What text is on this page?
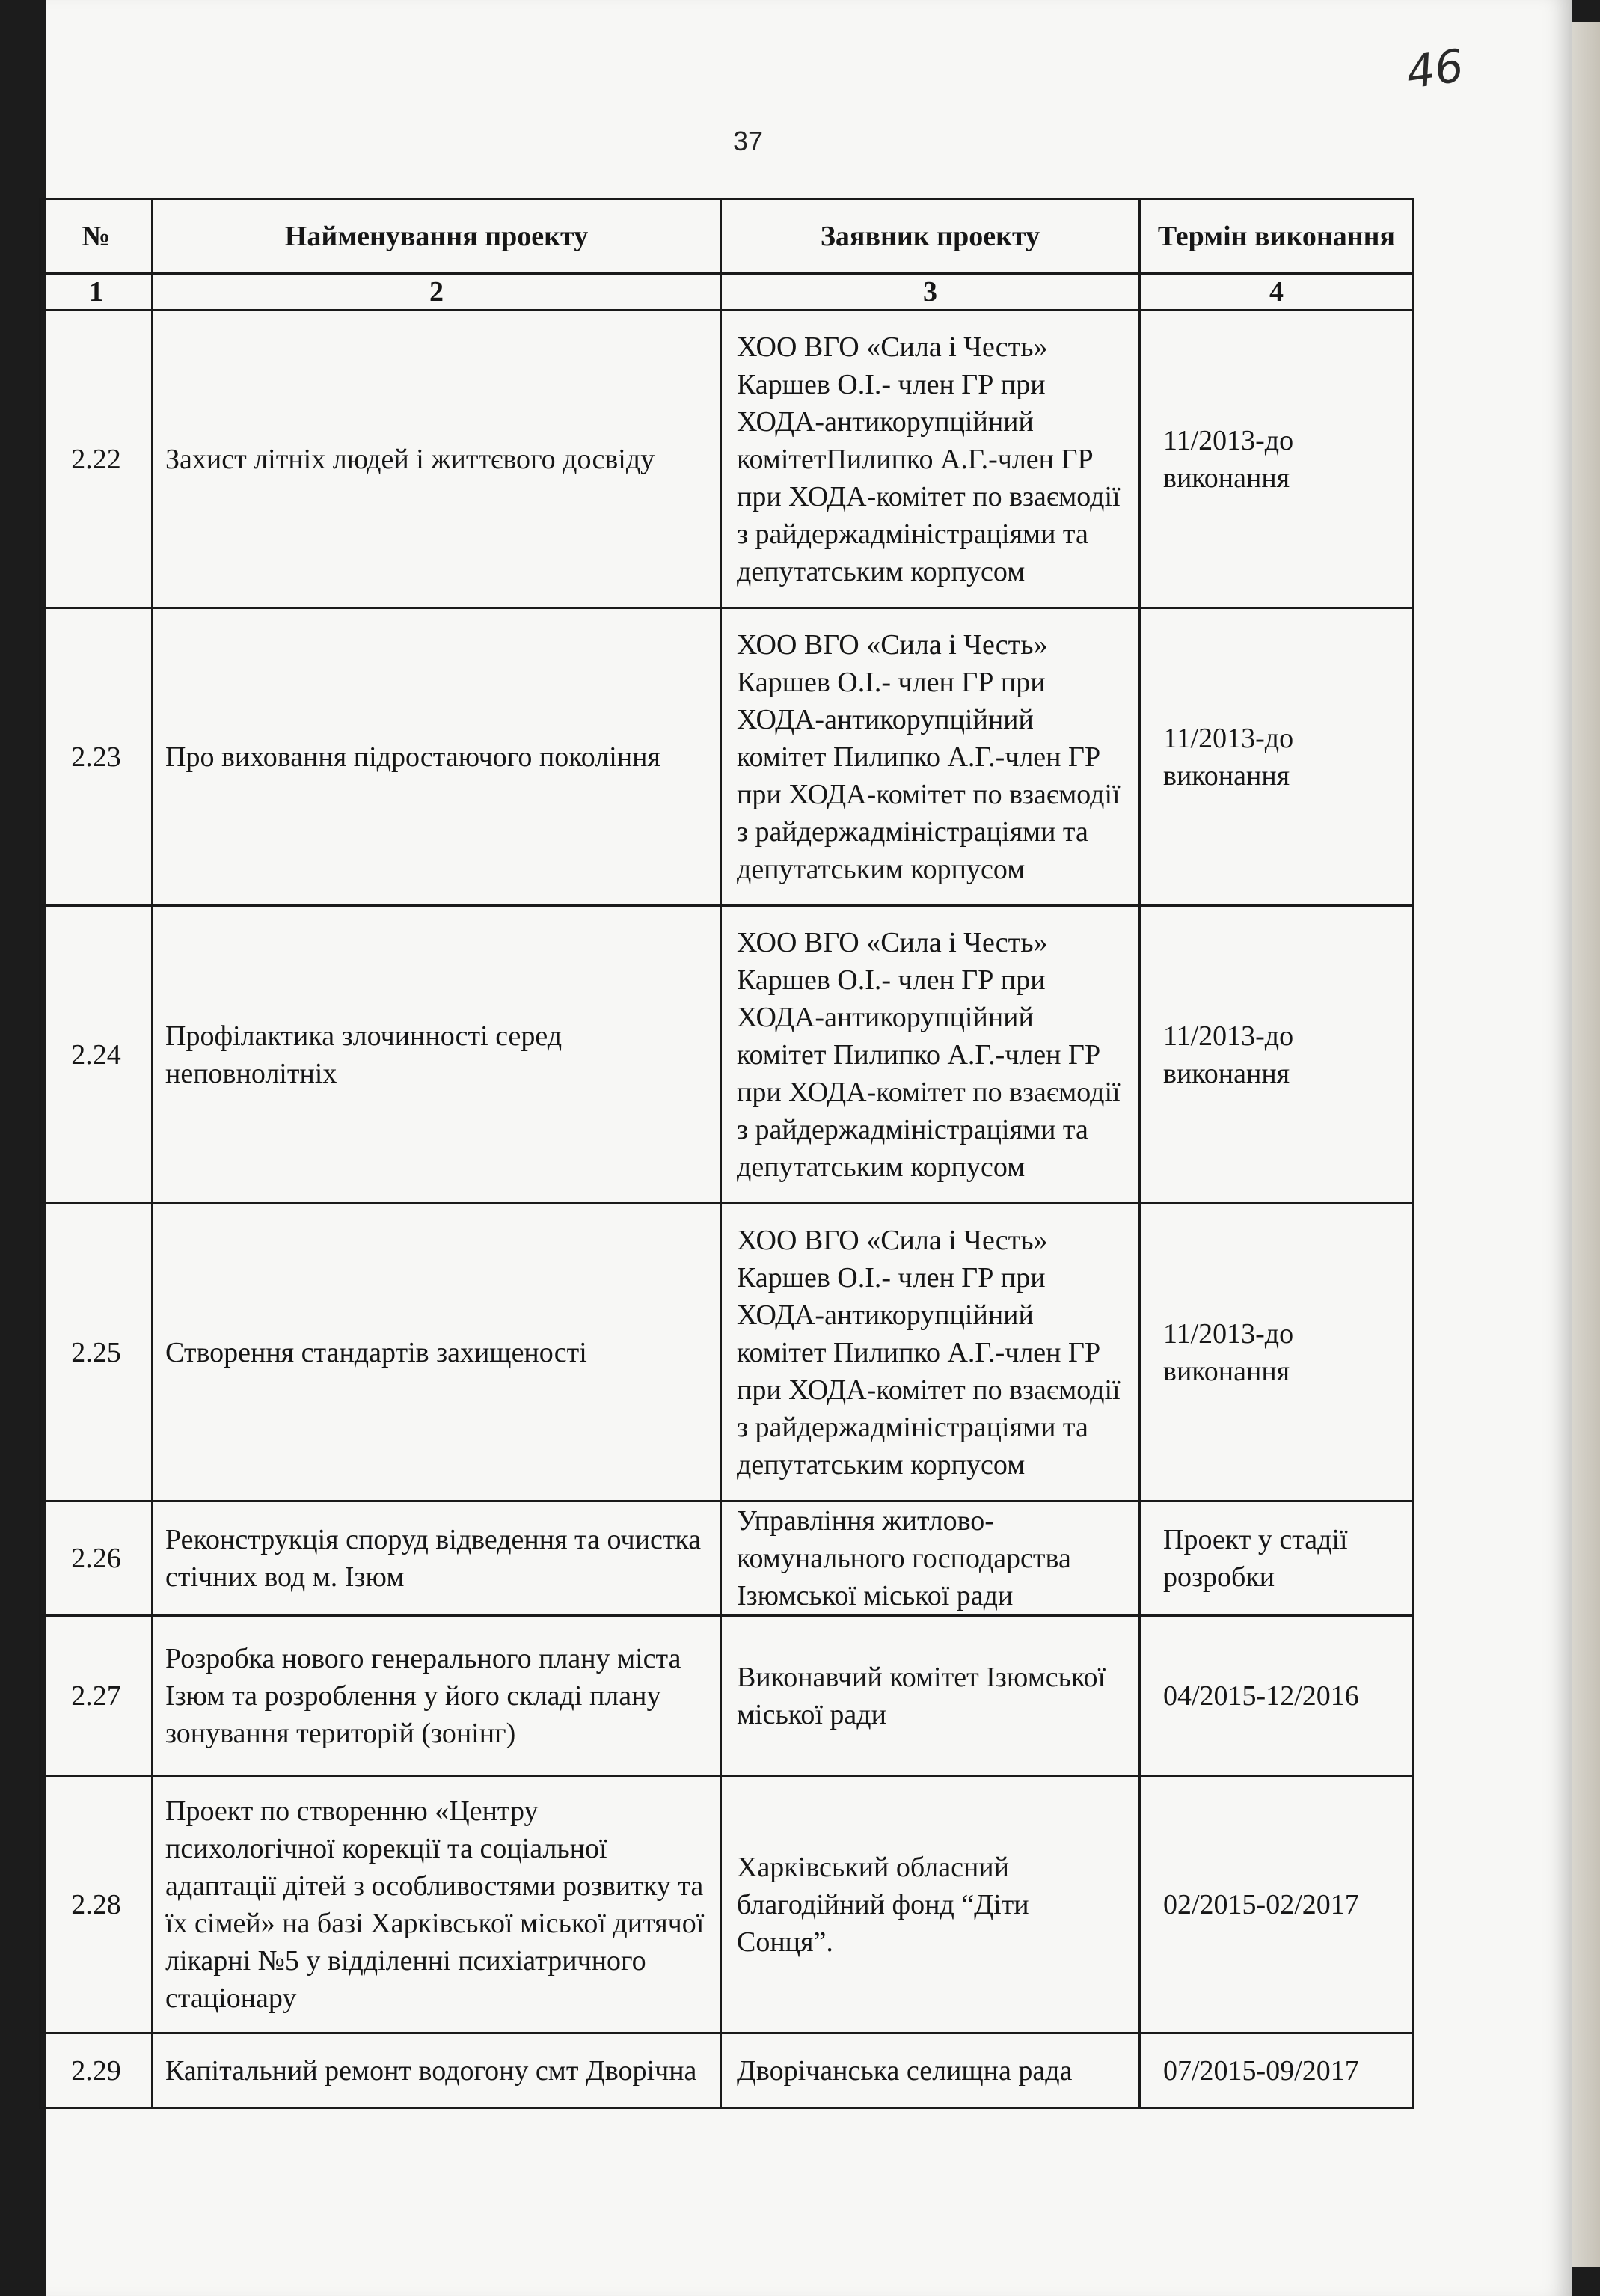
46
37
№	Найменування проекту	Заявник проекту	Термін виконання
1	2	3	4
2.22	Захист літніх людей і життєвого досвіду	ХОО ВГО «Сила і Честь» Каршев О.І.- член ГР при ХОДА-антикорупційний комітетПилипко А.Г.-член ГР при ХОДА-комітет по взаємодії з райдержадміністраціями та депутатським корпусом	11/2013-до виконання
2.23	Про виховання підростаючого покоління	ХОО ВГО «Сила і Честь» Каршев О.І.- член ГР при ХОДА-антикорупційний комітет Пилипко А.Г.-член ГР при ХОДА-комітет по взаємодії з райдержадміністраціями та депутатським корпусом	11/2013-до виконання
2.24	Профілактика злочинності серед неповнолітніх	ХОО ВГО «Сила і Честь» Каршев О.І.- член ГР при ХОДА-антикорупційний комітет Пилипко А.Г.-член ГР при ХОДА-комітет по взаємодії з райдержадміністраціями та депутатським корпусом	11/2013-до виконання
2.25	Створення стандартів захищеності	ХОО ВГО «Сила і Честь» Каршев О.І.- член ГР при ХОДА-антикорупційний комітет Пилипко А.Г.-член ГР при ХОДА-комітет по взаємодії з райдержадміністраціями та депутатським корпусом	11/2013-до виконання
2.26	Реконструкція споруд відведення та очистка стічних вод м. Ізюм	Управління житлово-комунального господарства Ізюмської міської ради	Проект у стадії розробки
2.27	Розробка нового генерального плану міста Ізюм та розроблення у його складі плану зонування територій (зонінг)	Виконавчий комітет Ізюмської міської ради	04/2015-12/2016
2.28	Проект по створенню «Центру психологічної корекції та соціальної адаптації дітей з особливостями розвитку та їх сімей» на базі Харківської міської дитячої лікарні №5 у відділенні психіатричного стаціонару	Харківський обласний благодійний фонд “Діти Сонця”.	02/2015-02/2017
2.29	Капітальний ремонт водогону смт Дворічна	Дворічанська селищна рада	07/2015-09/2017
